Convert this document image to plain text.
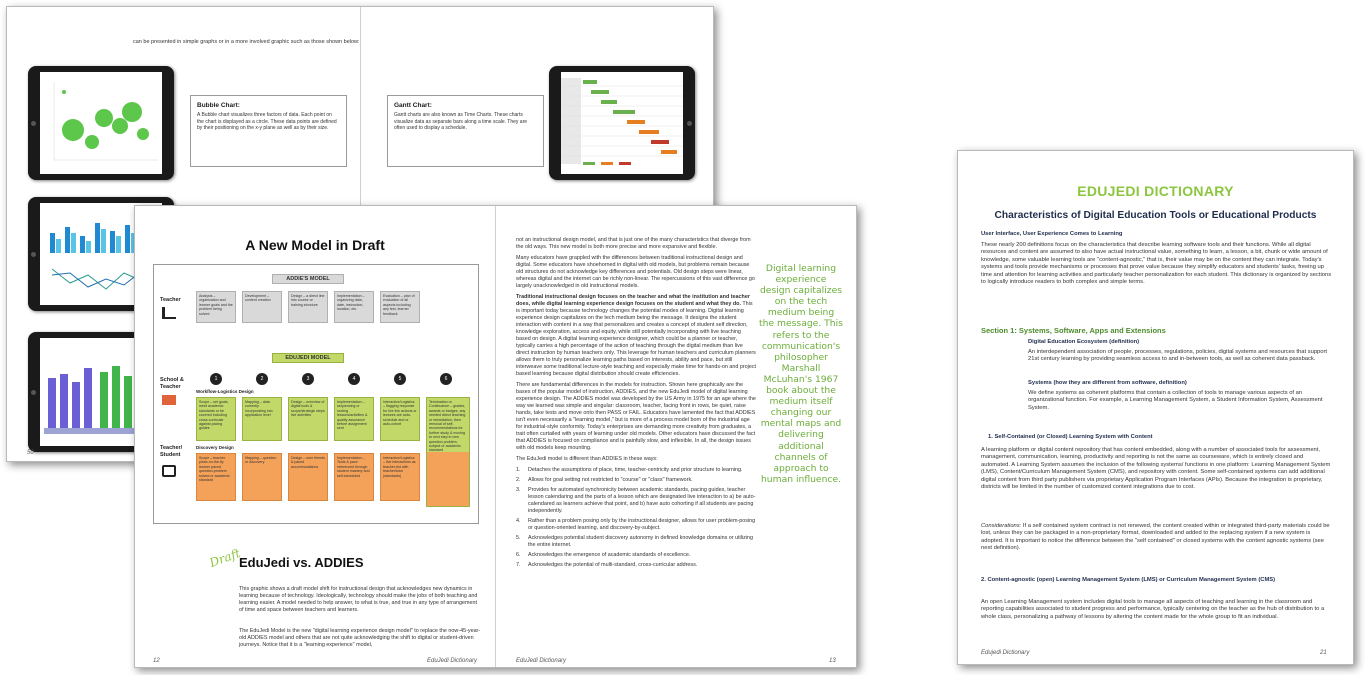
can be presented in simple graphs or in a more involved graphic such as those shown below:
Bubble Chart:
A Bubble chart visualizes three factors of data. Each point on the chart is displayed as a circle. These data points are defined by their positioning on the x-y plane as well as by their size.
50
Gantt Chart:
Gantt charts are also known as Time Charts. These charts visualize data as separate bars along a time scale. They are often used to display a schedule.
A New Model in Draft
ADDIE'S MODEL
Teacher
Analysis – organization and learner goals and the problem being solved.
Development – content creation
Design – a direct line into course or training structure
Implementation – organizing data, date, instruction, location, etc.
Evaluation – plan of evaluation of all aspects including any test, learner feedback
EDUJEDI MODEL
1	2	3	4	5	6
School & Teacher
Workflow-Logistics Design
Scope – set goals, meet academic standards or be covered including cross-curricular against pacing guides
Mapping – data currently incorporating into application level
Design – overview of digital tools & scope/strategic steps live activities
Implementation – sequencing or rooting lessons/activities & quality assurance before assignment sent
Interactive/Logistics – flagging response for live link actions or lectures are auto-schedule and or auto-cohort
Termination or Continuance – grades, awards or badges, any needed direct teaching or remediation, then removal of self-recommendations for further study & moving to next step in new question problem, subject or academic standard
Teacher/ Student
Discovery Design
Scope – teacher plans on-the-fly learner paced question-problem solved or academic standard
Mapping – question or discovery
Design – user friends & paced accommodations
Implementation – Tools & pace referenced through student mastery and self-scheduled
Interactive/Logistics – live interactions as teacher-led with teacher/tutor (standards)
Draft
EduJedi vs. ADDIES
This graphic shows a draft model shift for instructional design that acknowledges new dynamics in learning because of technology. Ideologically, technology should make the jobs of both teaching and learning easier. A model needed to help answer, to what is true, and true in any type of arrangement of time and space between teachers and learners.
The EduJedi Model is the new "digital learning experience design model" to replace the now-45-year-old ADDIES model and others that are not quite acknowledging the shift to digital or student-driven journeys. Notice that it is a "learning experience" model,
12	EduJedi Dictionary

not an instructional design model, and that is just one of the many characteristics that diverge from the old ways. This new model is both more precise and more expansive and flexible.

Many educators have grappled with the differences between traditional instructional design and digital. Some educators have shoehorned in digital with old models, but problems remain because old structures do not acknowledge key differences and potentials. Old design steps were linear, whereas digital and the internet can be richly non-linear. The repercussions of this vast difference go largely unacknowledged in old instructional models.

Traditional instructional design focuses on the teacher and what the institution and teacher does, while digital learning experience design focuses on the student and what they do. This is important today because technology changes the potential modes of learning. Digital learning experience design capitalizes on the tech medium being the message. It designs the student interaction with content in a way that personalizes and creates a concept of student self direction, knowledge exploration, access and equity, while still potentially incorporating with live teaching based on design. A digital learning experience designer, which could be a planner or teacher, typically carries a high percentage of the action of teaching through the digital medium than live direct instruction by human teachers only. This leverage for human teachers and curriculum planners allows them to truly personalize learning paths based on interests, ability and pace, but still interweave some traditional lecture-style teaching and especially make time for hands-on and project based learning because digital distribution should create efficiencies.

There are fundamental differences in the models for instruction. Shown here graphically are the bases of the popular model of instruction, ADDIES, and the new EduJedi model of digital learning experience design. The ADDIES model was developed by the US Army in 1975 for an age where the way we learned was simple and singular: classroom, teacher, facing front in rows, be quiet, raise hands, take tests and move onto then PASS or FAIL. Educators have lamented the fact that ADDIES isn't even necessarily a "learning model," but is more of a process model born of the industrial age for industrial-style conformity. Today's enterprises are demanding more creativity from graduates, a trait often curtailed with years of learning under old models. Other educators have discussed the fact that ADDIES is focused on compliance and is painfully slow, and inflexible. In all, the design issues with old models keep mounting.

The EduJedi model is different than ADDIES in these ways:

1.	Detaches the assumptions of place, time, teacher-centricity and prior structure to learning.
2.	Allows for goal setting not restricted to "course" or "class" framework.
3.	Provides for automated synchronicity between academic standards, pacing guides, teacher lesson calendaring and the parts of a lesson which are designated live interaction to a) be auto-calendared as learners achieve that point, and b) have auto cohorting if all students are pacing independently.
4.	Rather than a problem posing only by the instructional designer, allows for user problem-posing or question-oriented learning, and discovery-by-subject.
5.	Acknowledges potential student discovery autonomy in defined knowledge domains or utilizing the entire internet.
6.	Acknowledges the emergence of academic standards of excellence.
7.	Acknowledges the potential of multi-standard, cross-curricular address.
Digital learning experience design capitalizes on the tech medium being the message. This refers to the communication's philosopher Marshall McLuhan's 1967 book about the medium itself changing our mental maps and delivering additional channels of approach to human influence.
EduJedi Dictionary	13
EDUJEDI DICTIONARY
Characteristics of Digital Education Tools or Educational Products
User Interface, User Experience Comes to Learning
These nearly 200 definitions focus on the characteristics that describe learning software tools and their functions. While all digital resources and content are assumed to also have actual instructional value, something to learn, a lesson, a bit, chunk or wide amount of knowledge, some valuable learning tools are "content-agnostic," that is, their value may be on the content they can integrate. Today's systems and tools provide mechanisms or processes that prove value because they simplify educators and students' tasks, freeing up time and attention for learning activities and particularly teacher personalization for each student. This dictionary is organized by sections to logically introduce readers to both complex and simple terms.
Section 1: Systems, Software, Apps and Extensions
Digital Education Ecosystem (definition)
An interdependent association of people, processes, regulations, policies, digital systems and resources that support 21st century learning by providing seamless access to and in-between tools, as well as coherent data passback.
Systems (how they are different from software, definition)
We define systems as coherent platforms that contain a collection of tools to manage various aspects of an organizational function. For example, a Learning Management System, a Student Information System, Assessment System.
1. Self-Contained (or Closed) Learning System with Content
A learning platform or digital content repository that has content embedded, along with a number of associated tools for assessment, management, communication, learning, productivity and reporting is not the same as courseware, which is entirely closed and automated. A Learning System assumes the inclusion of the following systems/ functions in one platform: Learning Management System (LMS), Content/Curriculum Management System (CMS), and repository with content. Some self-contained systems can add additional digital content from third party publishers via proprietary Application Program Interfaces (APIs). Because the integration is proprietary, districts will be limited in the number of customized content integrations due to cost.
Considerations: If a self contained system contract is not renewed, the content created within or integrated third-party materials could be lost, unless they can be packaged in a non-proprietary format, downloaded and added to the replacing system if a new system is adopted. It is important to notice the difference between the "self contained" or closed systems with the content agnostic systems (see next definition).
2. Content-agnostic (open) Learning Management System (LMS) or Curriculum Management System (CMS)
An open Learning Management system includes digital tools to manage all aspects of teaching and learning in the classroom and reporting capabilities associated to student progress and performance, typically centering on the teacher as the hub of distribution to a whole class, personalizing a pathway of lessons by altering the content made for the whole group to fit an individual.
Edujedi Dictionary	21
